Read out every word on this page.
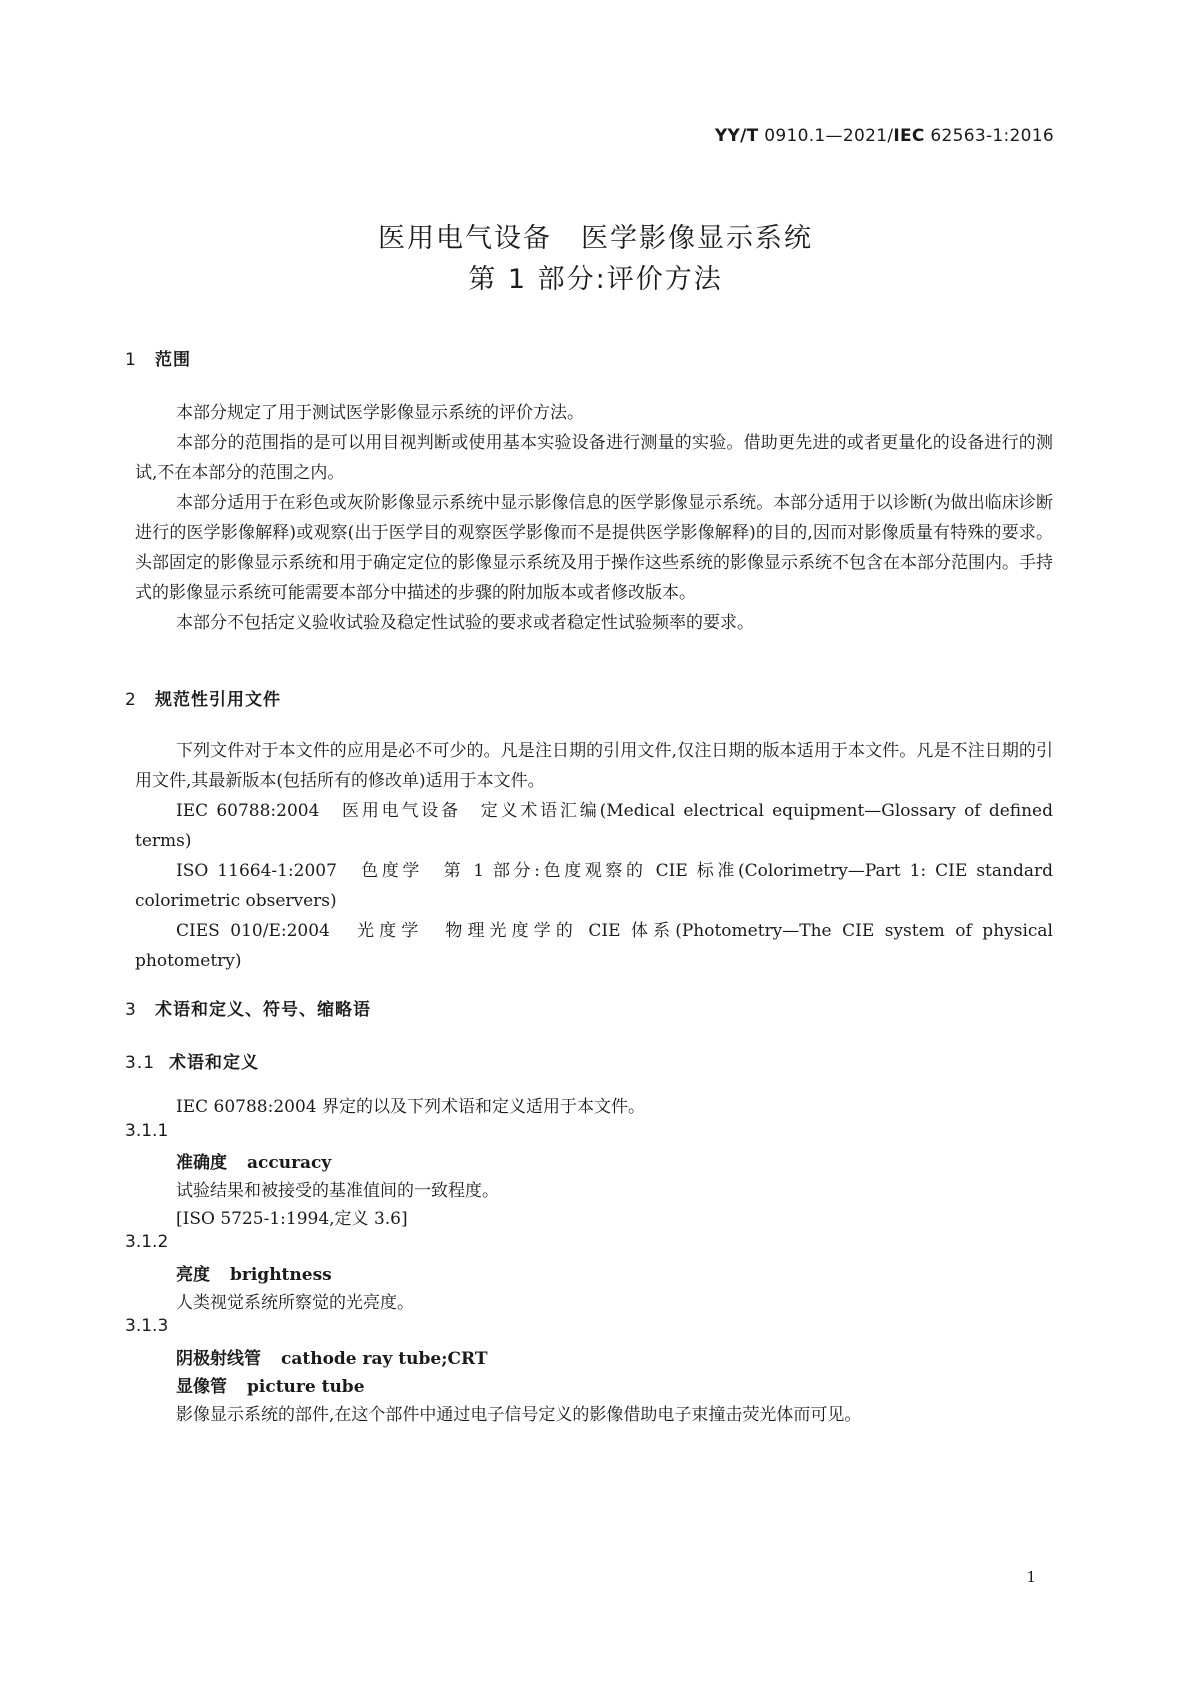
YY/T 0910.1—2021/IEC 62563-1:2016
医用电气设备　医学影像显示系统
第 1 部分:评价方法
1 范围

本部分规定了用于测试医学影像显示系统的评价方法。

本部分的范围指的是可以用目视判断或使用基本实验设备进行测量的实验。借助更先进的或者更量化的设备进行的测试,不在本部分的范围之内。

本部分适用于在彩色或灰阶影像显示系统中显示影像信息的医学影像显示系统。本部分适用于以诊断(为做出临床诊断进行的医学影像解释)或观察(出于医学目的观察医学影像而不是提供医学影像解释)的目的,因而对影像质量有特殊的要求。头部固定的影像显示系统和用于确定定位的影像显示系统及用于操作这些系统的影像显示系统不包含在本部分范围内。手持式的影像显示系统可能需要本部分中描述的步骤的附加版本或者修改版本。

本部分不包括定义验收试验及稳定性试验的要求或者稳定性试验频率的要求。

2 规范性引用文件

下列文件对于本文件的应用是必不可少的。凡是注日期的引用文件,仅注日期的版本适用于本文件。凡是不注日期的引用文件,其最新版本(包括所有的修改单)适用于本文件。

IEC 60788:2004　医用电气设备　定义术语汇编(Medical electrical equipment—Glossary of defined terms)

ISO 11664-1:2007　色度学　第 1 部分:色度观察的 CIE 标准(Colorimetry—Part 1: CIE standard colorimetric observers)

CIES 010/E:2004　光度学　物理光度学的 CIE 体系(Photometry—The CIE system of physical photometry)

3 术语和定义、符号、缩略语
3.1 术语和定义
IEC 60788:2004 界定的以及下列术语和定义适用于本文件。
3.1.1
准确度 accuracy
试验结果和被接受的基准值间的一致程度。
[ISO 5725-1:1994,定义 3.6]
3.1.2
亮度 brightness
人类视觉系统所察觉的光亮度。
3.1.3
阴极射线管 cathode ray tube;CRT
显像管 picture tube
影像显示系统的部件,在这个部件中通过电子信号定义的影像借助电子束撞击荧光体而可见。
1
